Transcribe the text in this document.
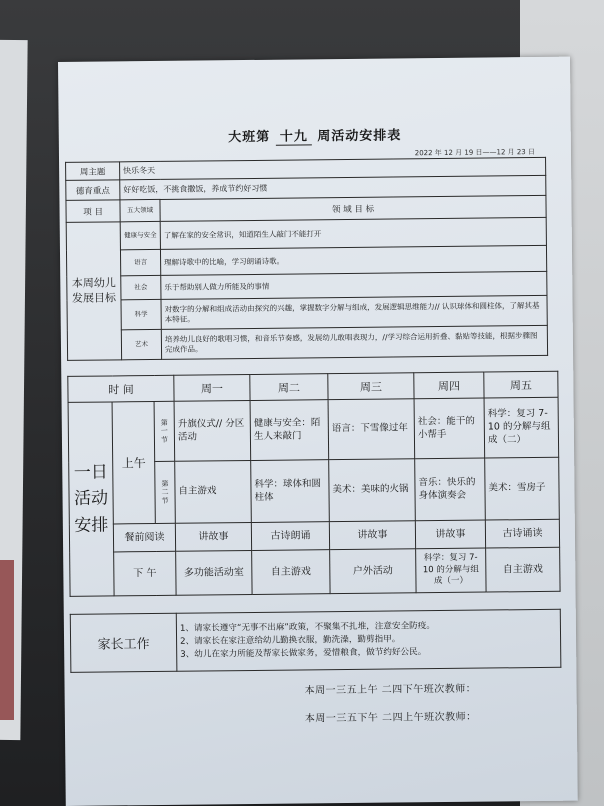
大班第 十九 周活动安排表
2022 年 12 月 19 日——12 月 23 日
周主题	快乐冬天	
德育重点	好好吃饭，不挑食撒饭，养成节约好习惯	
项 目	五大领域	领 域 目 标
本周幼儿发展目标	健康与安全	了解在家的安全常识，知道陌生人敲门不能打开
	语言	理解诗歌中的比喻，学习朗诵诗歌。
	社会	乐于帮助别人做力所能及的事情
	科学	对数字的分解和组成活动由探究的兴趣，掌握数字分解与组成，发展逻辑思维能力// 认识球体和圆柱体，了解其基本特征。
	艺术	培养幼儿良好的歌唱习惯，和音乐节奏感，发展幼儿敢唱表现力，//学习综合运用折叠、黏贴等技能，根据步骤图完成作品。
时 间			周一	周二	周三	周四	周五
一日活动安排	上午	第一节	升旗仪式// 分区活动	健康与安全：陌生人来敲门	语言：下雪像过年	社会：能干的小帮手	科学：复习 7-10 的分解与组成（二）
		第二节	自主游戏	科学：球体和圆柱体	美术：美味的火锅	音乐：快乐的身体演奏会	美术：雪房子
	餐前阅读		讲故事	古诗朗诵	讲故事	讲故事	古诗诵读
	下 午		多功能活动室	自主游戏	户外活动	科学：复习 7-10 的分解与组成（一）	自主游戏
家长工作	
1、请家长遵守“无事不出麻”政策，不聚集不扎堆，注意安全防疫。
2、请家长在家注意给幼儿勤换衣服，勤洗澡，勤剪指甲。
3、幼儿在家力所能及帮家长做家务，爱惜粮食，做节约好公民。
本周一三五上午 二四下午班次教师：
本周一三五下午 二四上午班次教师：
